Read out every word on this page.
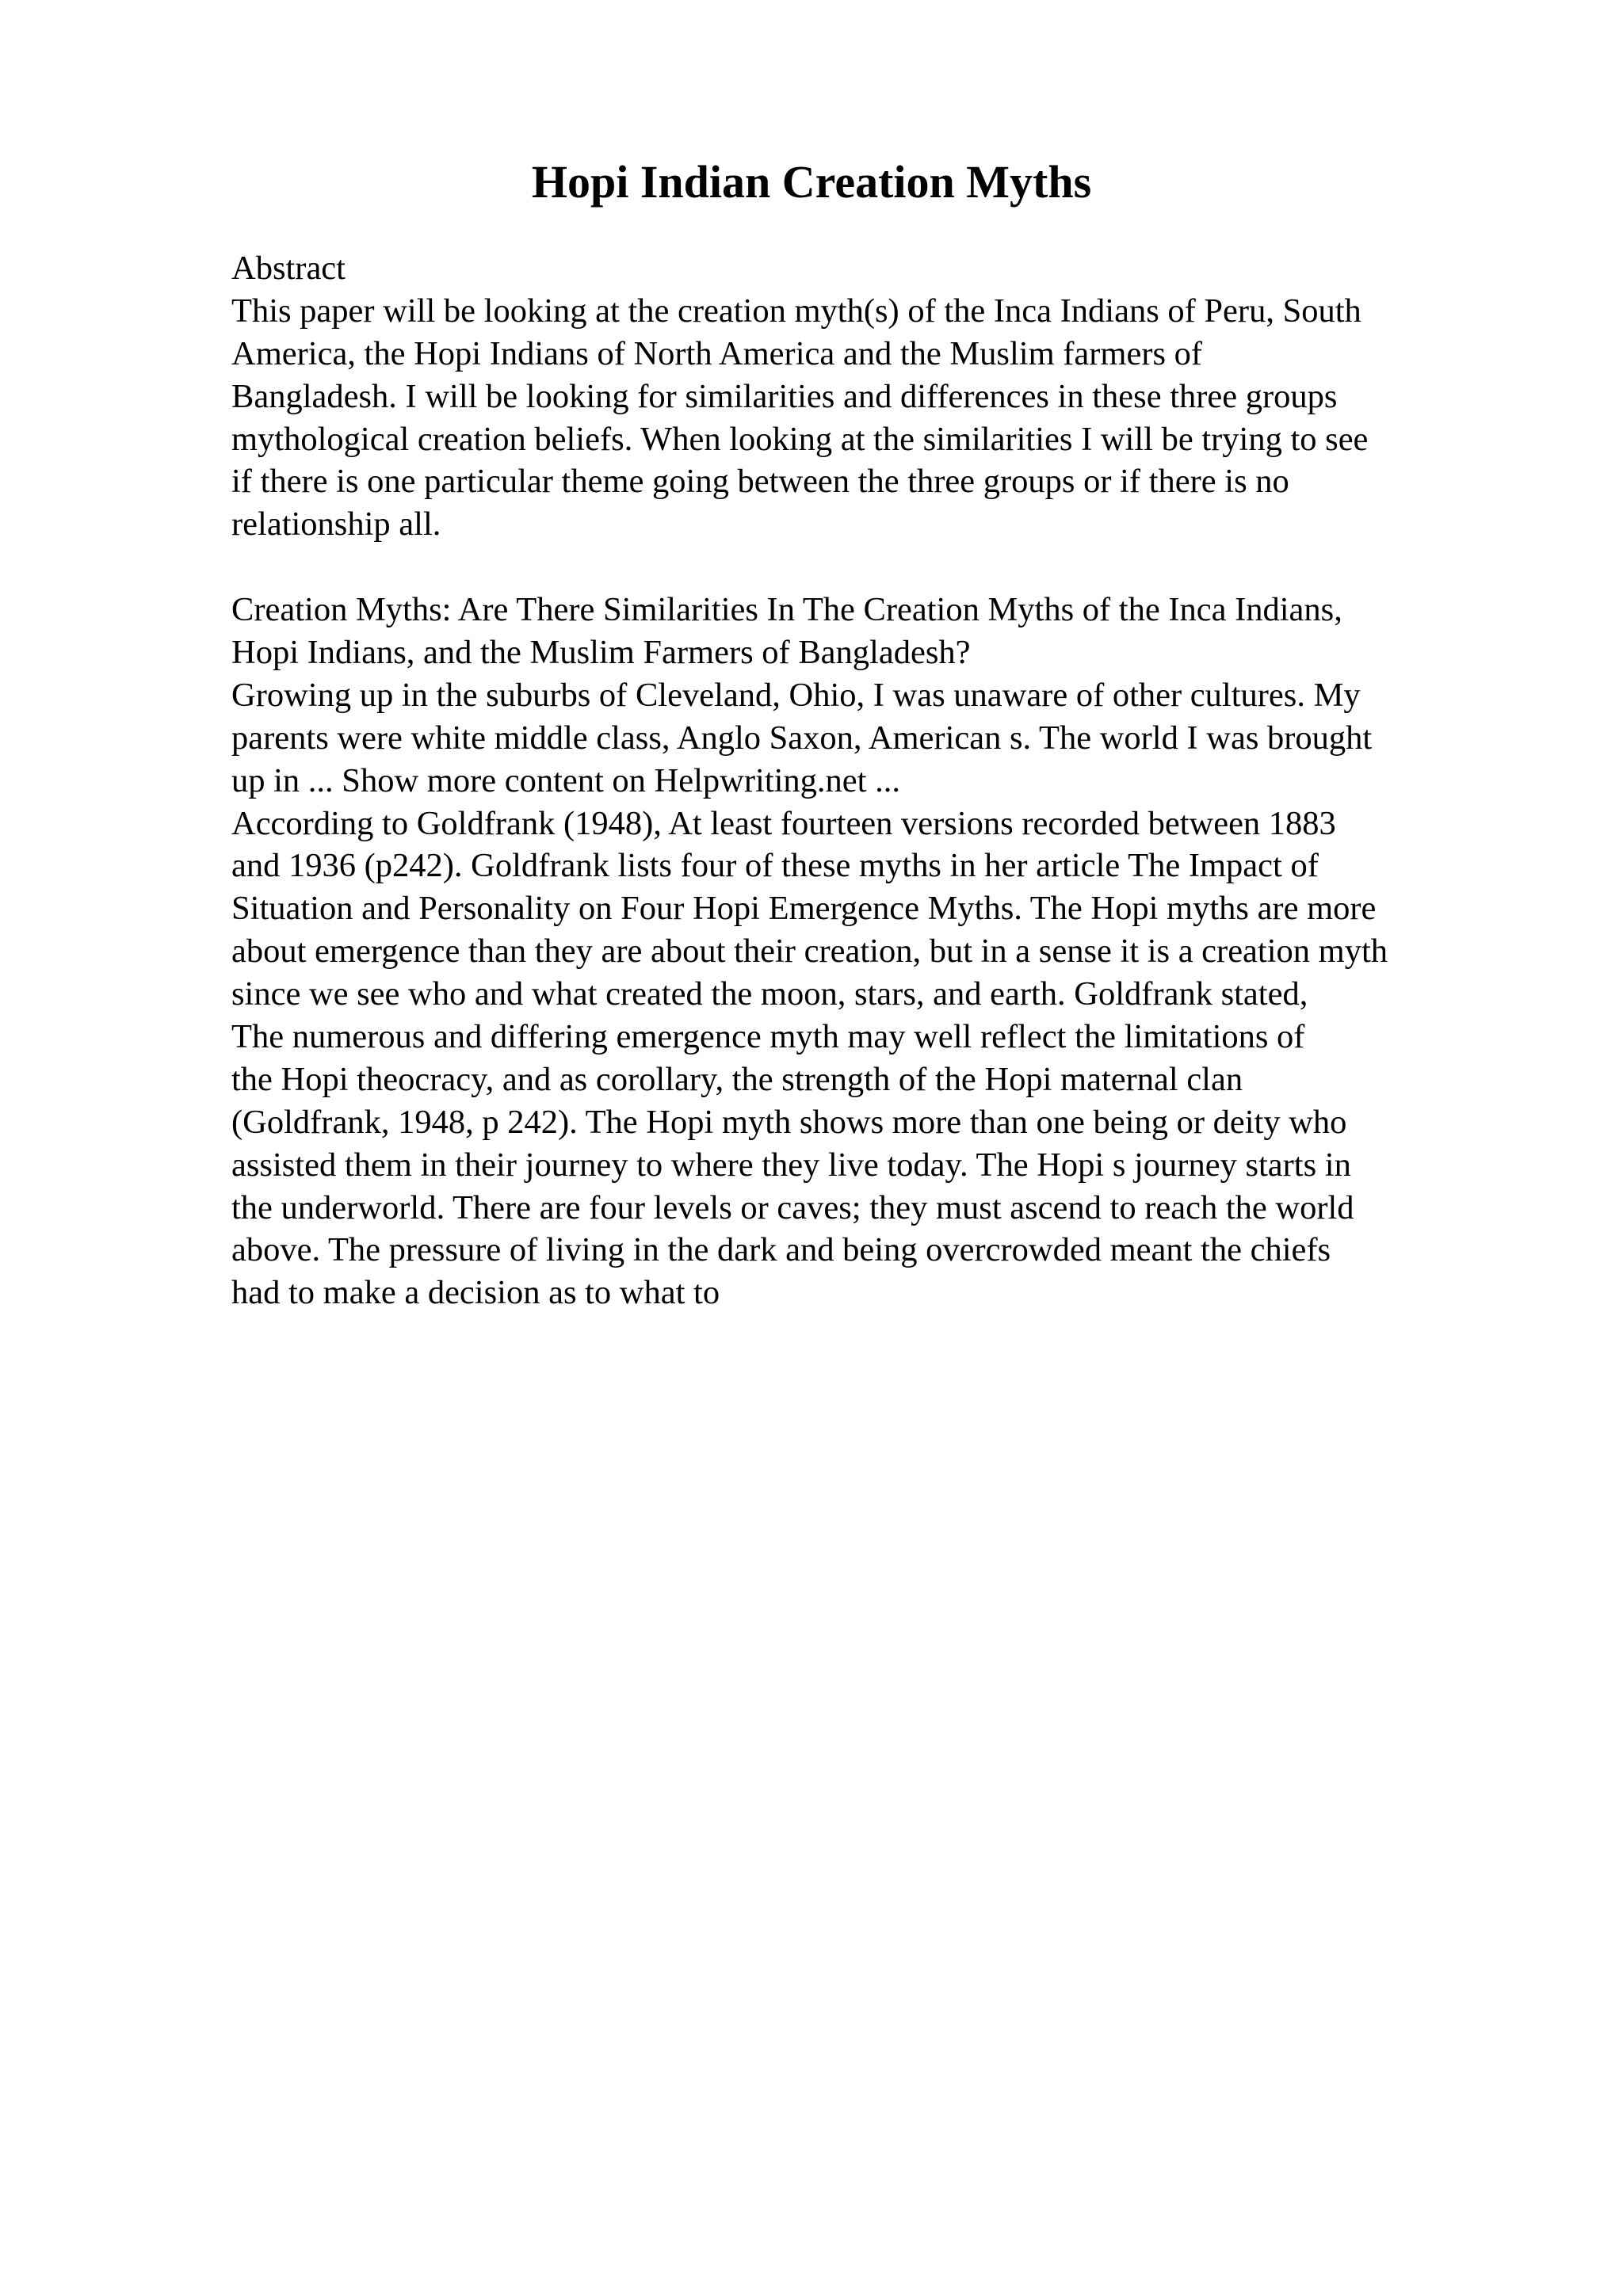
Hopi Indian Creation Myths
Abstract
This paper will be looking at the creation myth(s) of the Inca Indians of Peru, South
America, the Hopi Indians of North America and the Muslim farmers of
Bangladesh. I will be looking for similarities and differences in these three groups
mythological creation beliefs. When looking at the similarities I will be trying to see
if there is one particular theme going between the three groups or if there is no
relationship all.
Creation Myths: Are There Similarities In The Creation Myths of the Inca Indians,
Hopi Indians, and the Muslim Farmers of Bangladesh?
Growing up in the suburbs of Cleveland, Ohio, I was unaware of other cultures. My
parents were white middle class, Anglo Saxon, American s. The world I was brought
up in ... Show more content on Helpwriting.net ...
According to Goldfrank (1948), At least fourteen versions recorded between 1883
and 1936 (p242). Goldfrank lists four of these myths in her article The Impact of
Situation and Personality on Four Hopi Emergence Myths. The Hopi myths are more
about emergence than they are about their creation, but in a sense it is a creation myth
since we see who and what created the moon, stars, and earth. Goldfrank stated,
The numerous and differing emergence myth may well reflect the limitations of
the Hopi theocracy, and as corollary, the strength of the Hopi maternal clan
(Goldfrank, 1948, p 242). The Hopi myth shows more than one being or deity who
assisted them in their journey to where they live today. The Hopi s journey starts in
the underworld. There are four levels or caves; they must ascend to reach the world
above. The pressure of living in the dark and being overcrowded meant the chiefs
had to make a decision as to what to
